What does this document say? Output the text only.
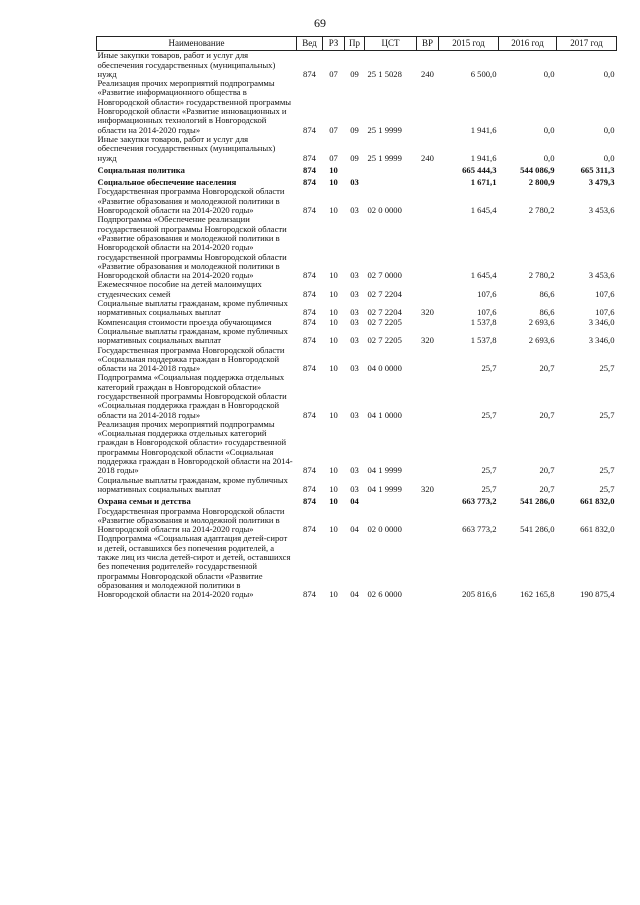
69
Наименование	Вед	РЗ	Пр	ЦСТ	ВР	2015 год	2016 год	2017 год
Иные закупки товаров, работ и услуг для обеспечения государственных (муниципальных) нужд	874	07	09	25 1 5028	240	6 500,0	0,0	0,0
Реализация прочих мероприятий подпрограммы «Развитие информационного общества в Новгородской области» государственной программы Новгородской области «Развитие инновационных и информационных технологий в Новгородской области на 2014-2020 годы»	874	07	09	25 1 9999		1 941,6	0,0	0,0
Иные закупки товаров, работ и услуг для обеспечения государственных (муниципальных) нужд	874	07	09	25 1 9999	240	1 941,6	0,0	0,0
Социальная политика	874	10				665 444,3	544 086,9	665 311,3
Социальное обеспечение населения	874	10	03			1 671,1	2 800,9	3 479,3
Государственная программа Новгородской области «Развитие образования и молодежной политики в Новгородской области на 2014-2020 годы»	874	10	03	02 0 0000		1 645,4	2 780,2	3 453,6
Подпрограмма «Обеспечение реализации государственной программы Новгородской области «Развитие образования и молодежной политики в Новгородской области на 2014-2020 годы» государственной программы Новгородской области «Развитие образования и молодежной политики в Новгородской области на 2014-2020 годы»	874	10	03	02 7 0000		1 645,4	2 780,2	3 453,6
Ежемесячное пособие на детей малоимущих студенческих семей	874	10	03	02 7 2204		107,6	86,6	107,6
Социальные выплаты гражданам, кроме публичных нормативных социальных выплат	874	10	03	02 7 2204	320	107,6	86,6	107,6
Компенсация стоимости проезда обучающимся	874	10	03	02 7 2205		1 537,8	2 693,6	3 346,0
Социальные выплаты гражданам, кроме публичных нормативных социальных выплат	874	10	03	02 7 2205	320	1 537,8	2 693,6	3 346,0
Государственная программа Новгородской области «Социальная поддержка граждан в Новгородской области на 2014-2018 годы»	874	10	03	04 0 0000		25,7	20,7	25,7
Подпрограмма «Социальная поддержка отдельных категорий граждан в Новгородской области» государственной программы Новгородской области «Социальная поддержка граждан в Новгородской области на 2014-2018 годы»	874	10	03	04 1 0000		25,7	20,7	25,7
Реализация прочих мероприятий подпрограммы «Социальная поддержка отдельных категорий граждан в Новгородской области» государственной программы Новгородской области «Социальная поддержка граждан в Новгородской области на 2014-2018 годы»	874	10	03	04 1 9999		25,7	20,7	25,7
Социальные выплаты гражданам, кроме публичных нормативных социальных выплат	874	10	03	04 1 9999	320	25,7	20,7	25,7
Охрана семьи и детства	874	10	04			663 773,2	541 286,0	661 832,0
Государственная программа Новгородской области «Развитие образования и молодежной политики в Новгородской области на 2014-2020 годы»	874	10	04	02 0 0000		663 773,2	541 286,0	661 832,0
Подпрограмма «Социальная адаптация детей-сирот и детей, оставшихся без попечения родителей, а также лиц из числа детей-сирот и детей, оставшихся без попечения родителей» государственной программы Новгородской области «Развитие образования и молодежной политики в Новгородской области на 2014-2020 годы»	874	10	04	02 6 0000		205 816,6	162 165,8	190 875,4
